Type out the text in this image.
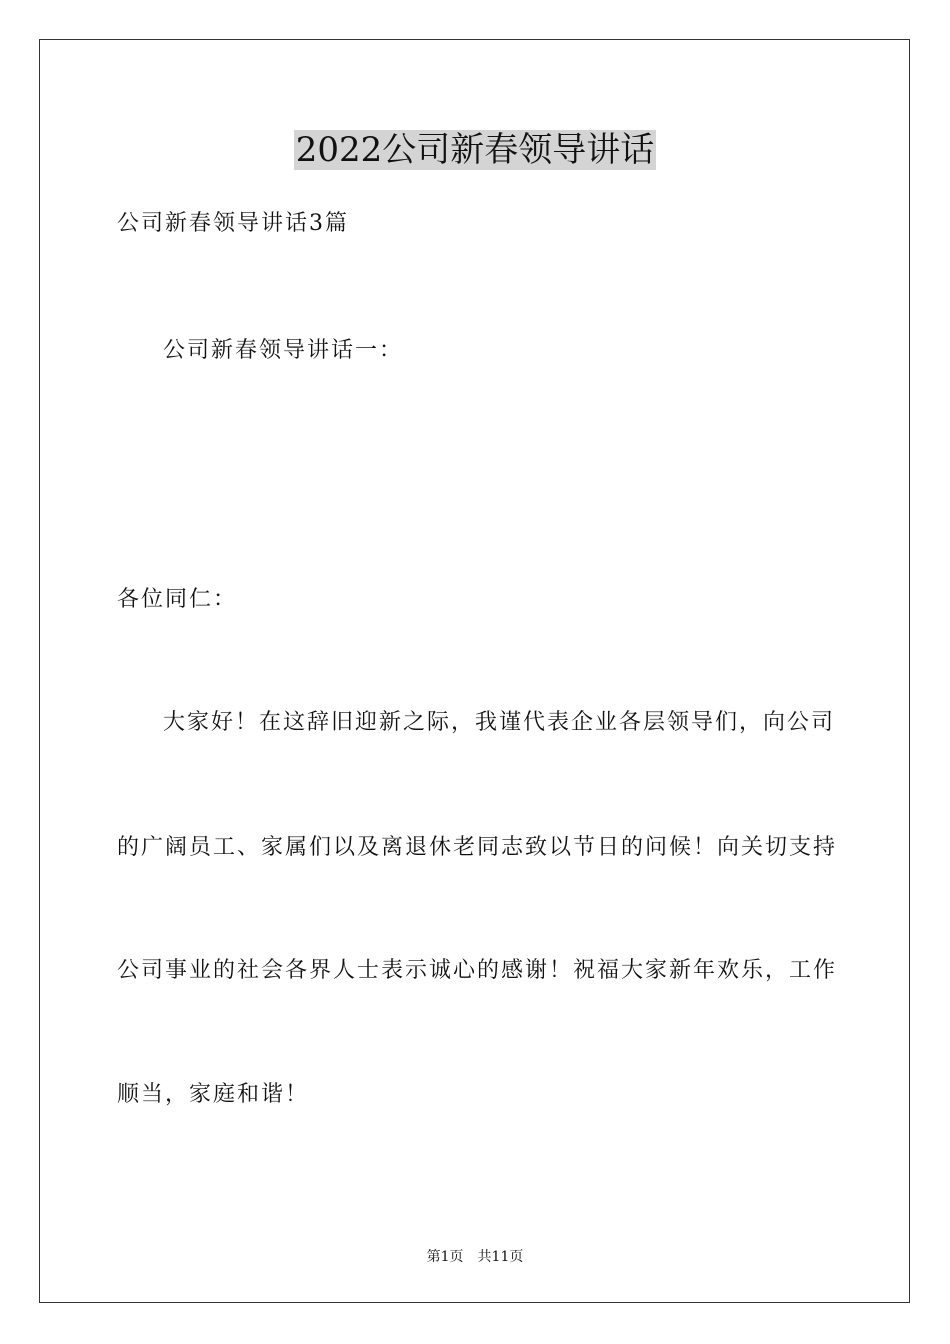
2022公司新春领导讲话
公司新春领导讲话3篇
公司新春领导讲话一：
各位同仁：
大家好！在这辞旧迎新之际，我谨代表企业各层领导们，向公司
的广阔员工、家属们以及离退休老同志致以节日的问候！向关切支持
公司事业的社会各界人士表示诚心的感谢！祝福大家新年欢乐，工作
顺当，家庭和谐！
第1页　共11页
